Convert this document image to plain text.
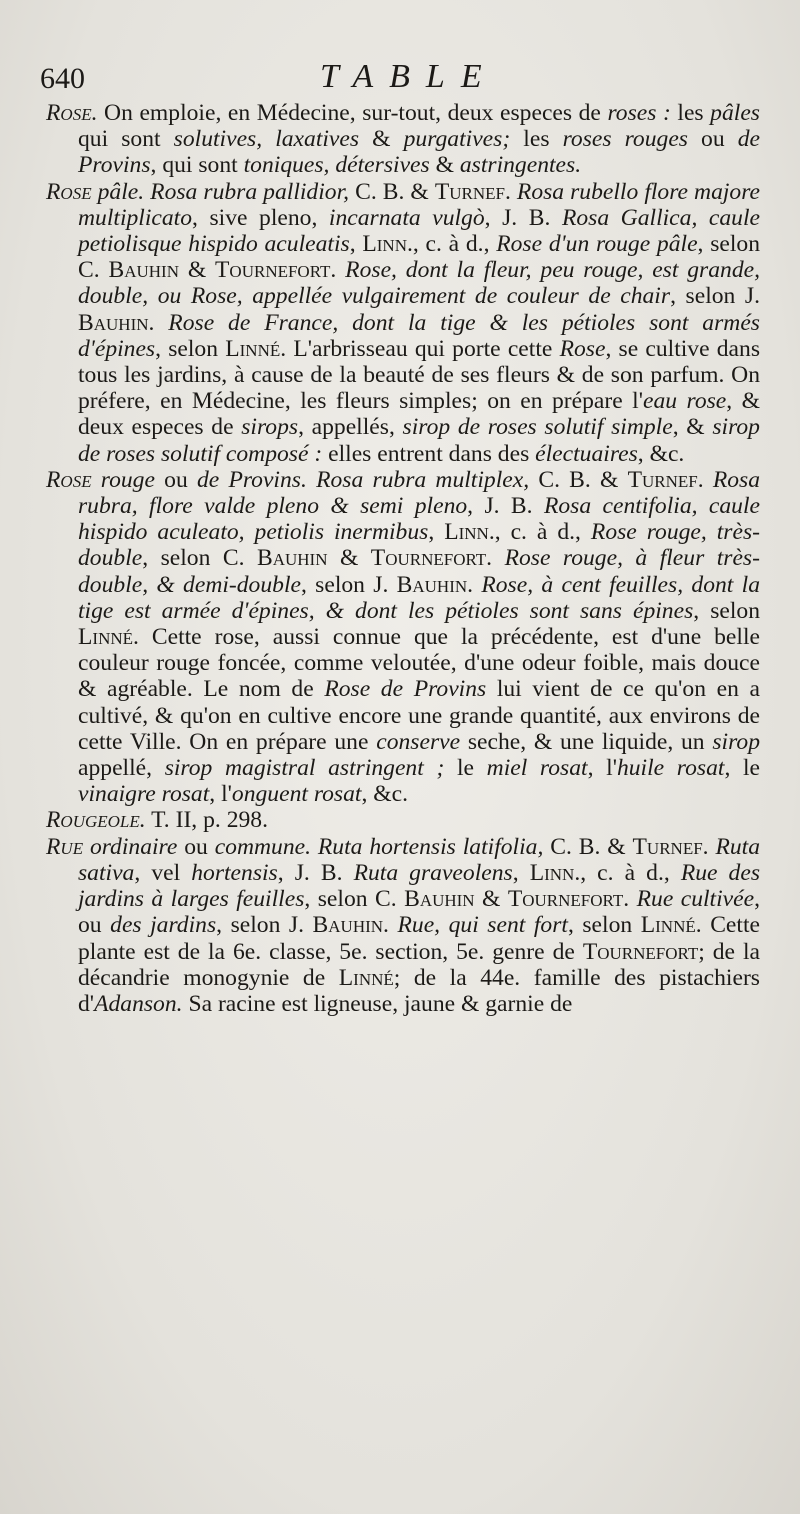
640	TABLE

Rose. On emploie, en Médecine, sur-tout, deux especes de roses : les pâles qui sont solutives, laxatives & purgatives; les roses rouges ou de Provins, qui sont toniques, détersives & astringentes.

Rose pâle. Rosa rubra pallidior, C. B. & Turnef. Rosa rubello flore majore multiplicato, sive pleno, incarnata vulgò, J. B. Rosa Gallica, caule petiolisque hispido aculeatis, Linn., c. à d., Rose d'un rouge pâle, selon C. Bauhin & Tournefort. Rose, dont la fleur, peu rouge, est grande, double, ou Rose, appellée vulgairement de couleur de chair, selon J. Bauhin. Rose de France, dont la tige & les pétioles sont armés d'épines, selon Linné. L'arbrisseau qui porte cette Rose, se cultive dans tous les jardins, à cause de la beauté de ses fleurs & de son parfum. On préfere, en Médecine, les fleurs simples; on en prépare l'eau rose, & deux especes de sirops, appellés, sirop de roses solutif simple, & sirop de roses solutif composé : elles entrent dans des électuaires, &c.

Rose rouge ou de Provins. Rosa rubra multiplex, C. B. & Turnef. Rosa rubra, flore valde pleno & semi pleno, J. B. Rosa centifolia, caule hispido aculeato, petiolis inermibus, Linn., c. à d., Rose rouge, très-double, selon C. Bauhin & Tournefort. Rose rouge, à fleur très-double, & demi-double, selon J. Bauhin. Rose, à cent feuilles, dont la tige est armée d'épines, & dont les pétioles sont sans épines, selon Linné. Cette rose, aussi connue que la précédente, est d'une belle couleur rouge foncée, comme veloutée, d'une odeur foible, mais douce & agréable. Le nom de Rose de Provins lui vient de ce qu'on en a cultivé, & qu'on en cultive encore une grande quantité, aux environs de cette Ville. On en prépare une conserve seche, & une liquide, un sirop appellé, sirop magistral astringent ; le miel rosat, l'huile rosat, le vinaigre rosat, l'onguent rosat, &c.

Rougeole. T. II, p. 298.

Rue ordinaire ou commune. Ruta hortensis latifolia, C. B. & Turnef. Ruta sativa, vel hortensis, J. B. Ruta graveolens, Linn., c. à d., Rue des jardins à larges feuilles, selon C. Bauhin & Tournefort. Rue cultivée, ou des jardins, selon J. Bauhin. Rue, qui sent fort, selon Linné. Cette plante est de la 6e. classe, 5e. section, 5e. genre de Tournefort; de la décandrie monogynie de Linné; de la 44e. famille des pistachiers d'Adanson. Sa racine est ligneuse, jaune & garnie de
